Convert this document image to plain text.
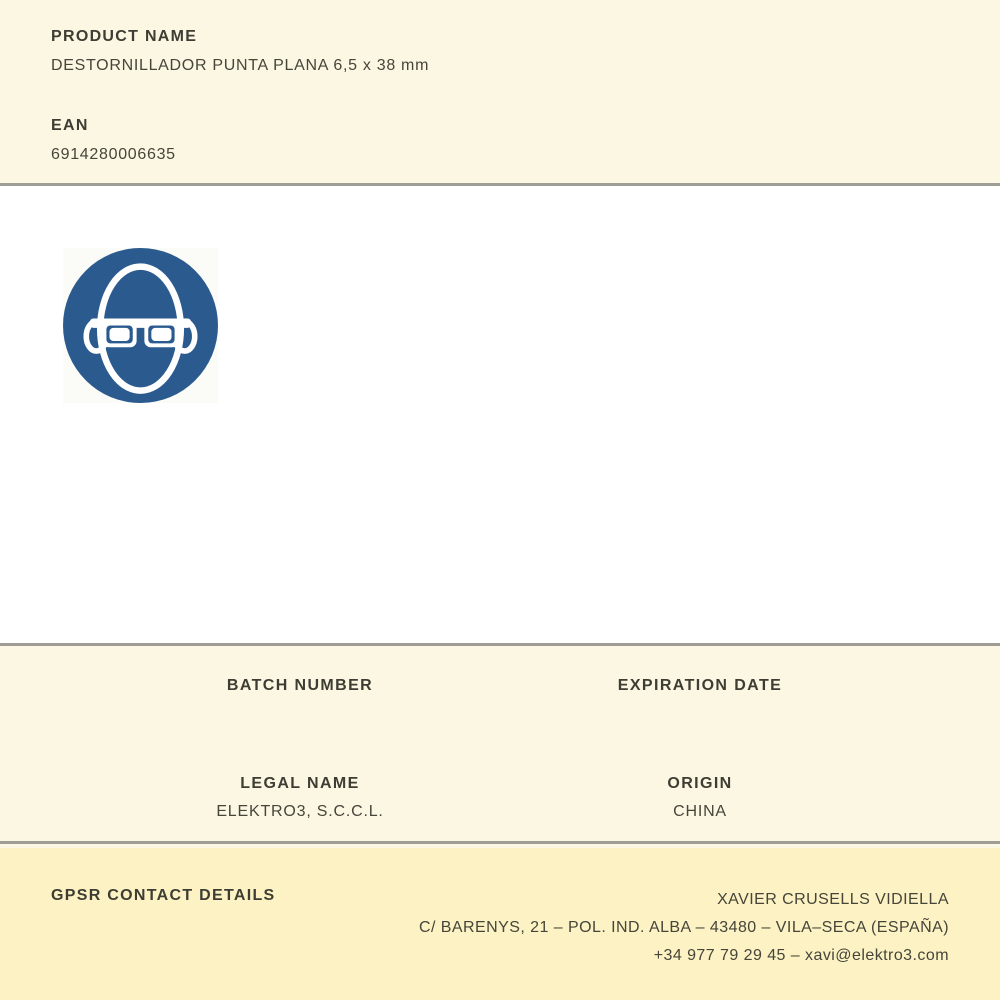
PRODUCT NAME
DESTORNILLADOR PUNTA PLANA 6,5 x 38 mm
EAN
6914280006635
BATCH NUMBER	EXPIRATION DATE
LEGAL NAME
ELEKTRO3, S.C.C.L.
ORIGIN
CHINA
GPSR CONTACT DETAILS	XAVIER CRUSELLS VIDIELLA
C/ BARENYS, 21 – POL. IND. ALBA – 43480 – VILA–SECA (ESPAÑA)
+34 977 79 29 45 – xavi@elektro3.com
